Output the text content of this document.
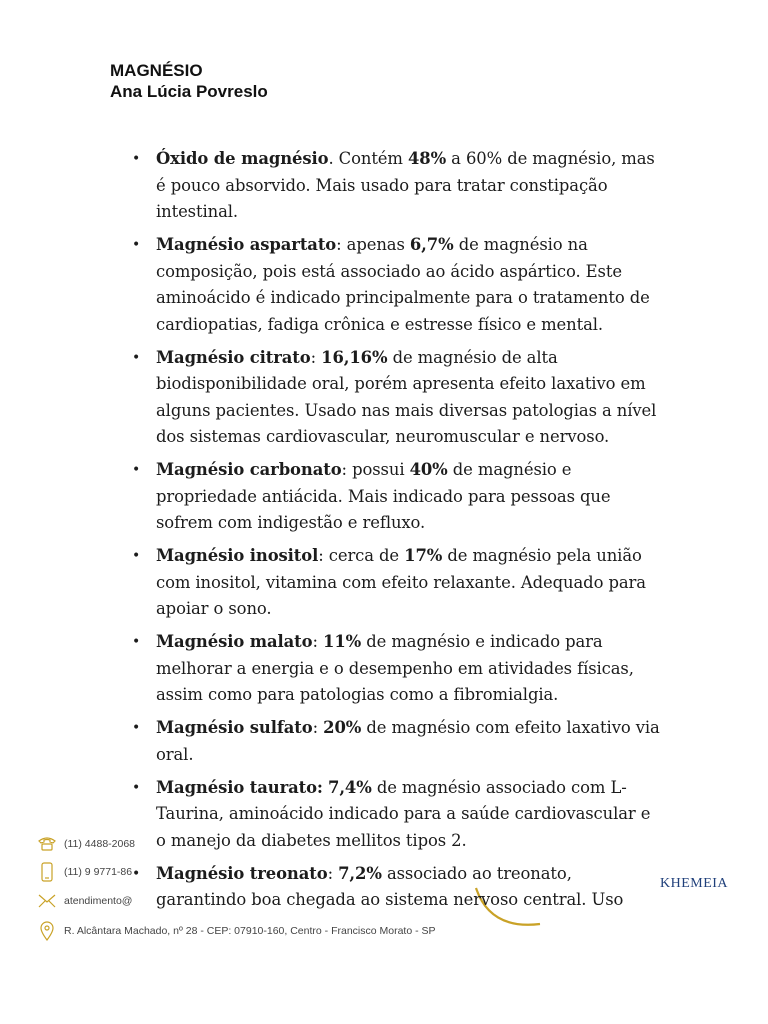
MAGNÉSIO
Ana Lúcia Povreslo
(11) 4488-2068
(11) 9 9771-86
atendimento@
R. Alcântara Machado, nº 28 - CEP: 07910-160, Centro - Francisco Morato - SP
KHEMEIA
• Óxido de magnésio. Contém 48% a 60% de magnésio, mas é pouco absorvido. Mais usado para tratar constipação intestinal.
• Magnésio aspartato: apenas 6,7% de magnésio na composição, pois está associado ao ácido aspártico. Este aminoácido é indicado principalmente para o tratamento de cardiopatias, fadiga crônica e estresse físico e mental.
• Magnésio citrato: 16,16% de magnésio de alta biodisponibilidade oral, porém apresenta efeito laxativo em alguns pacientes. Usado nas mais diversas patologias a nível dos sistemas cardiovascular, neuromuscular e nervoso.
• Magnésio carbonato: possui 40% de magnésio e propriedade antiácida. Mais indicado para pessoas que sofrem com indigestão e refluxo.
• Magnésio inositol: cerca de 17% de magnésio pela união com inositol, vitamina com efeito relaxante. Adequado para apoiar o sono.
• Magnésio malato: 11% de magnésio e indicado para melhorar a energia e o desempenho em atividades físicas, assim como para patologias como a fibromialgia.
• Magnésio sulfato: 20% de magnésio com efeito laxativo via oral.
• Magnésio taurato: 7,4% de magnésio associado com L-Taurina, aminoácido indicado para a saúde cardiovascular e o manejo da diabetes mellitos tipos 2.
• Magnésio treonato: 7,2% associado ao treonato, garantindo boa chegada ao sistema nervoso central. Uso
